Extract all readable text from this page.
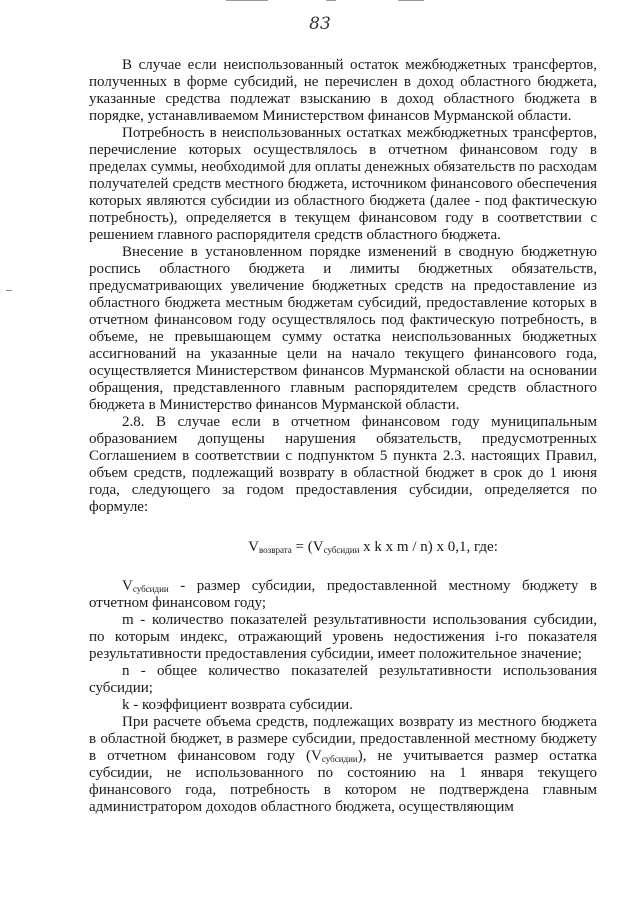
83

В случае если неиспользованный остаток межбюджетных трансфертов, полученных в форме субсидий, не перечислен в доход областного бюджета, указанные средства подлежат взысканию в доход областного бюджета в порядке, устанавливаемом Министерством финансов Мурманской области.

Потребность в неиспользованных остатках межбюджетных трансфертов, перечисление которых осуществлялось в отчетном финансовом году в пределах суммы, необходимой для оплаты денежных обязательств по расходам получателей средств местного бюджета, источником финансового обеспечения которых являются субсидии из областного бюджета (далее - под фактическую потребность), определяется в текущем финансовом году в соответствии с решением главного распорядителя средств областного бюджета.

Внесение в установленном порядке изменений в сводную бюджетную роспись областного бюджета и лимиты бюджетных обязательств, предусматривающих увеличение бюджетных средств на предоставление из областного бюджета местным бюджетам субсидий, предоставление которых в отчетном финансовом году осуществлялось под фактическую потребность, в объеме, не превышающем сумму остатка неиспользованных бюджетных ассигнований на указанные цели на начало текущего финансового года, осуществляется Министерством финансов Мурманской области на основании обращения, представленного главным распорядителем средств областного бюджета в Министерство финансов Мурманской области.

2.8. В случае если в отчетном финансовом году муниципальным образованием допущены нарушения обязательств, предусмотренных Соглашением в соответствии с подпунктом 5 пункта 2.3. настоящих Правил, объем средств, подлежащий возврату в областной бюджет в срок до 1 июня года, следующего за годом предоставления субсидии, определяется по формуле:

$V_{возврата} = (V_{субсидии}$ x k x m / n) x 0,1, где:

$V_{субсидии}$ - размер субсидии, предоставленной местному бюджету в отчетном финансовом году;

m - количество показателей результативности использования субсидии, по которым индекс, отражающий уровень недостижения i-го показателя результативности предоставления субсидии, имеет положительное значение;

n - общее количество показателей результативности использования субсидии;

k - коэффициент возврата субсидии.

При расчете объема средств, подлежащих возврату из местного бюджета в областной бюджет, в размере субсидии, предоставленной местному бюджету в отчетном финансовом году $(V_{субсидии})$, не учитывается размер остатка субсидии, не использованного по состоянию на 1 января текущего финансового года, потребность в котором не подтверждена главным администратором доходов областного бюджета, осуществляющим
